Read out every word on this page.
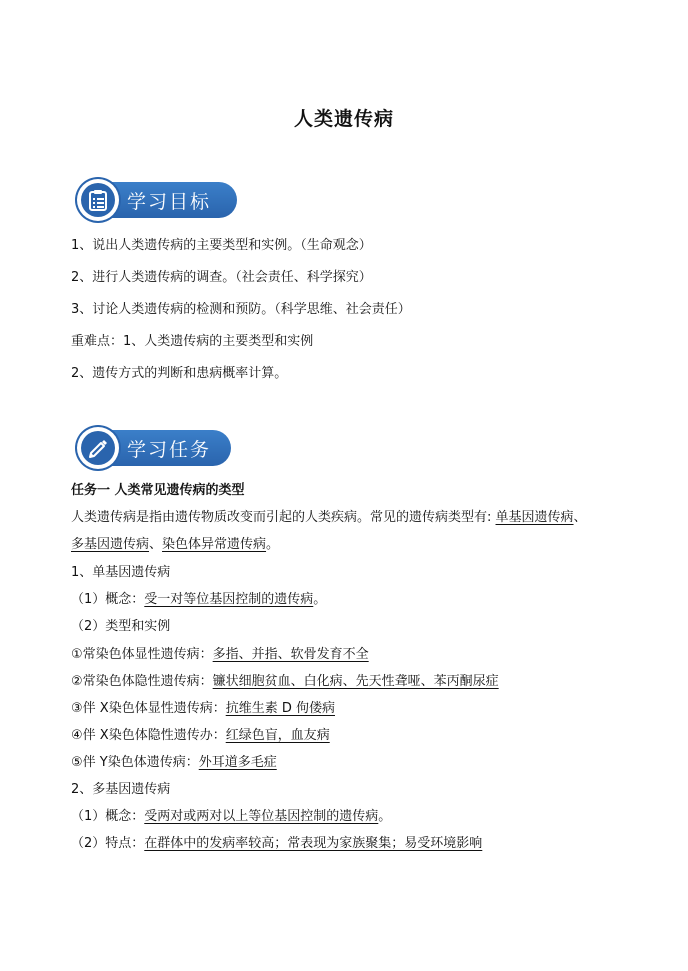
人类遗传病
学习目标
1、说出人类遗传病的主要类型和实例。（生命观念）
2、进行人类遗传病的调查。（社会责任、科学探究）
3、讨论人类遗传病的检测和预防。（科学思维、社会责任）
重难点：1、人类遗传病的主要类型和实例
2、遗传方式的判断和患病概率计算。
学习任务
任务一 人类常见遗传病的类型
人类遗传病是指由遗传物质改变而引起的人类疾病。常见的遗传病类型有: 单基因遗传病、
多基因遗传病、染色体异常遗传病。
1、单基因遗传病
（1）概念：受一对等位基因控制的遗传病。
（2）类型和实例
①常染色体显性遗传病：多指、并指、软骨发育不全
②常染色体隐性遗传病：镰状细胞贫血、白化病、先天性聋哑、苯丙酮尿症
③伴 X染色体显性遗传病：抗维生素 D 佝偻病
④伴 X染色体隐性遗传办：红绿色盲，血友病
⑤伴 Y染色体遗传病：外耳道多毛症
2、多基因遗传病
（1）概念：受两对或两对以上等位基因控制的遗传病。
（2）特点：在群体中的发病率较高；常表现为家族聚集；易受环境影响
